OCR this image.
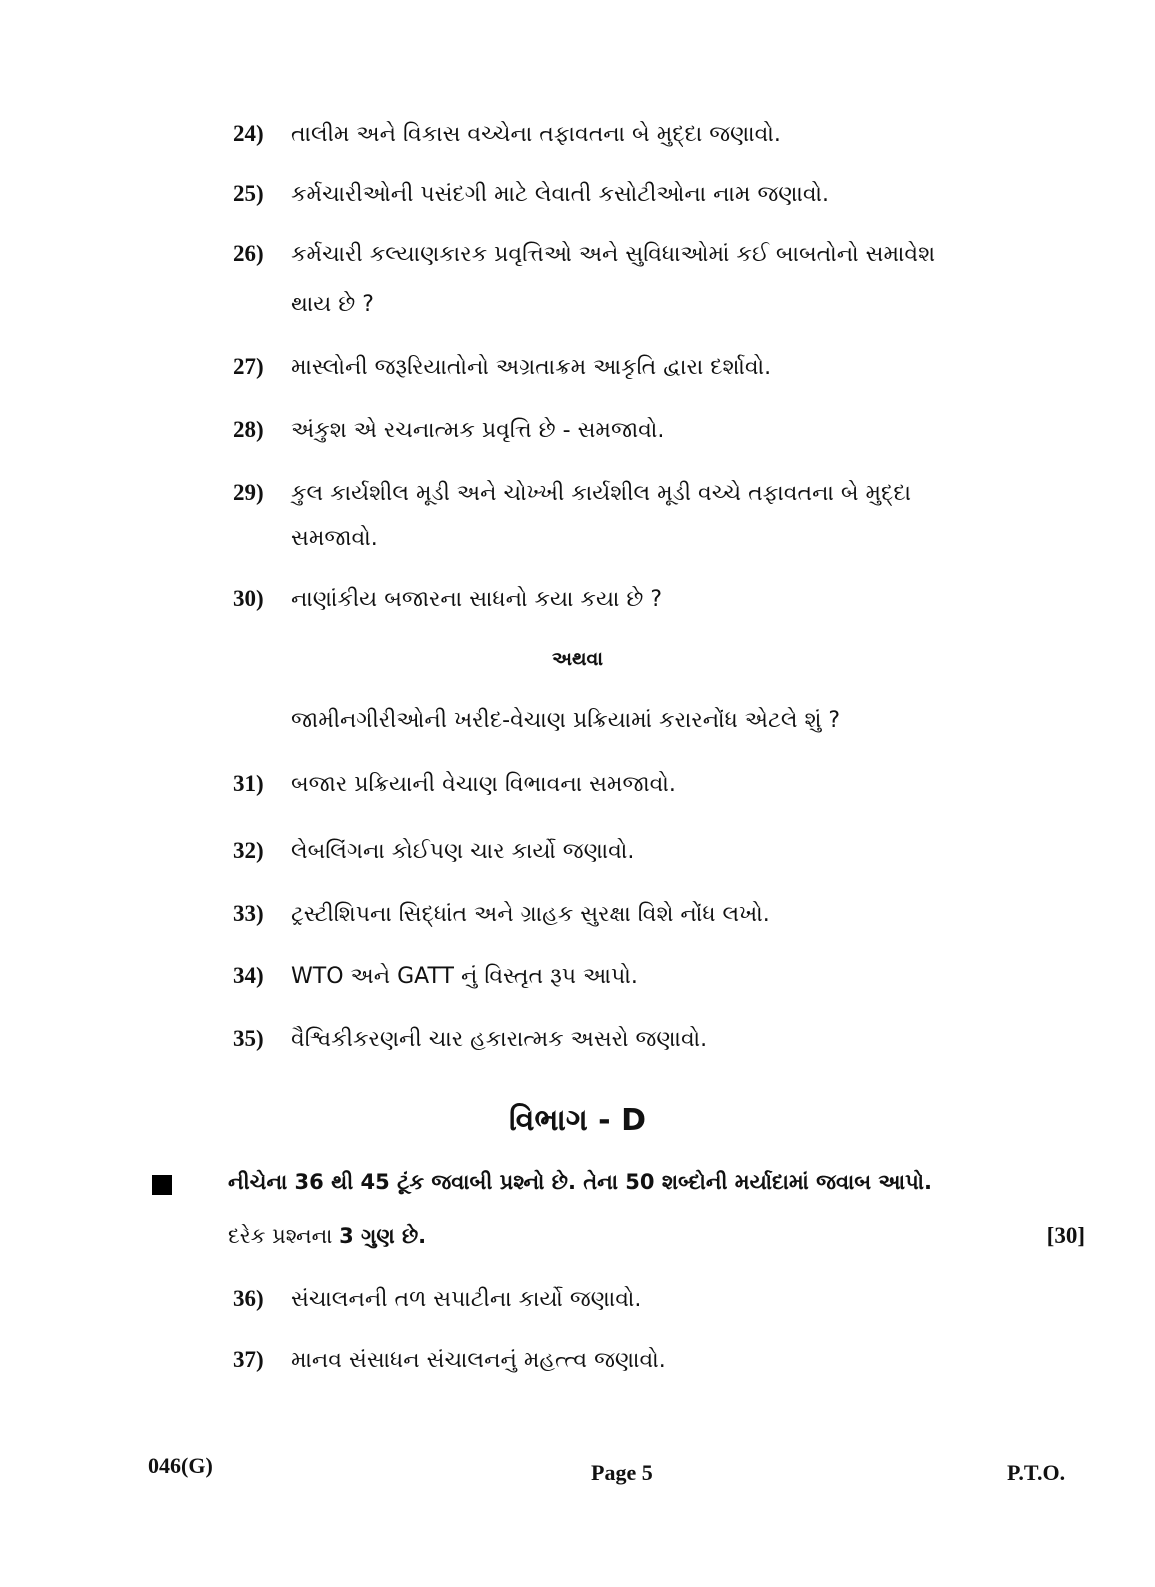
24) તાલીમ અને વિકાસ વચ્ચેના તફાવતના બે મુદ્દા જણાવો.
25) કર્મચારીઓની પસંદગી માટે લેવાતી કસોટીઓના નામ જણાવો.
26) કર્મચારી કલ્યાણકારક પ્રવૃત્તિઓ અને સુવિધાઓમાં કઈ બાબતોનો સમાવેશ
થાય છે ?
27) માસ્લોની જરૂરિયાતોનો અગ્રતાક્રમ આકૃતિ દ્વારા દર્શાવો.
28) અંકુશ એ રચનાત્મક પ્રવૃત્તિ છે - સમજાવો.
29) કુલ કાર્યશીલ મૂડી અને ચોખ્ખી કાર્યશીલ મૂડી વચ્ચે તફાવતના બે મુદ્દા
સમજાવો.
30) નાણાંકીય બજારના સાધનો કયા કયા છે ?
અથવા
જામીનગીરીઓની ખરીદ-વેચાણ પ્રક્રિયામાં કરારનોંધ એટલે શું ?
31) બજાર પ્રક્રિયાની વેચાણ વિભાવના સમજાવો.
32) લેબલિંગના કોઈપણ ચાર કાર્યો જણાવો.
33) ટ્રસ્ટીશિપના સિદ્ધાંત અને ગ્રાહક સુરક્ષા વિશે નોંધ લખો.
34) WTO અને GATT નું વિસ્તૃત રૂપ આપો.
35) વૈશ્વિકીકરણની ચાર હકારાત્મક અસરો જણાવો.
વિભાગ - D
નીચેના 36 થી 45 ટૂંક જવાબી પ્રશ્નો છે. તેના 50 શબ્દોની મર્યાદામાં જવાબ આપો.
દરેક પ્રશ્નના 3 ગુણ છે.	[30]
36) સંચાલનની તળ સપાટીના કાર્યો જણાવો.
37) માનવ સંસાધન સંચાલનનું મહત્ત્વ જણાવો.
046(G)	Page 5	P.T.O.
